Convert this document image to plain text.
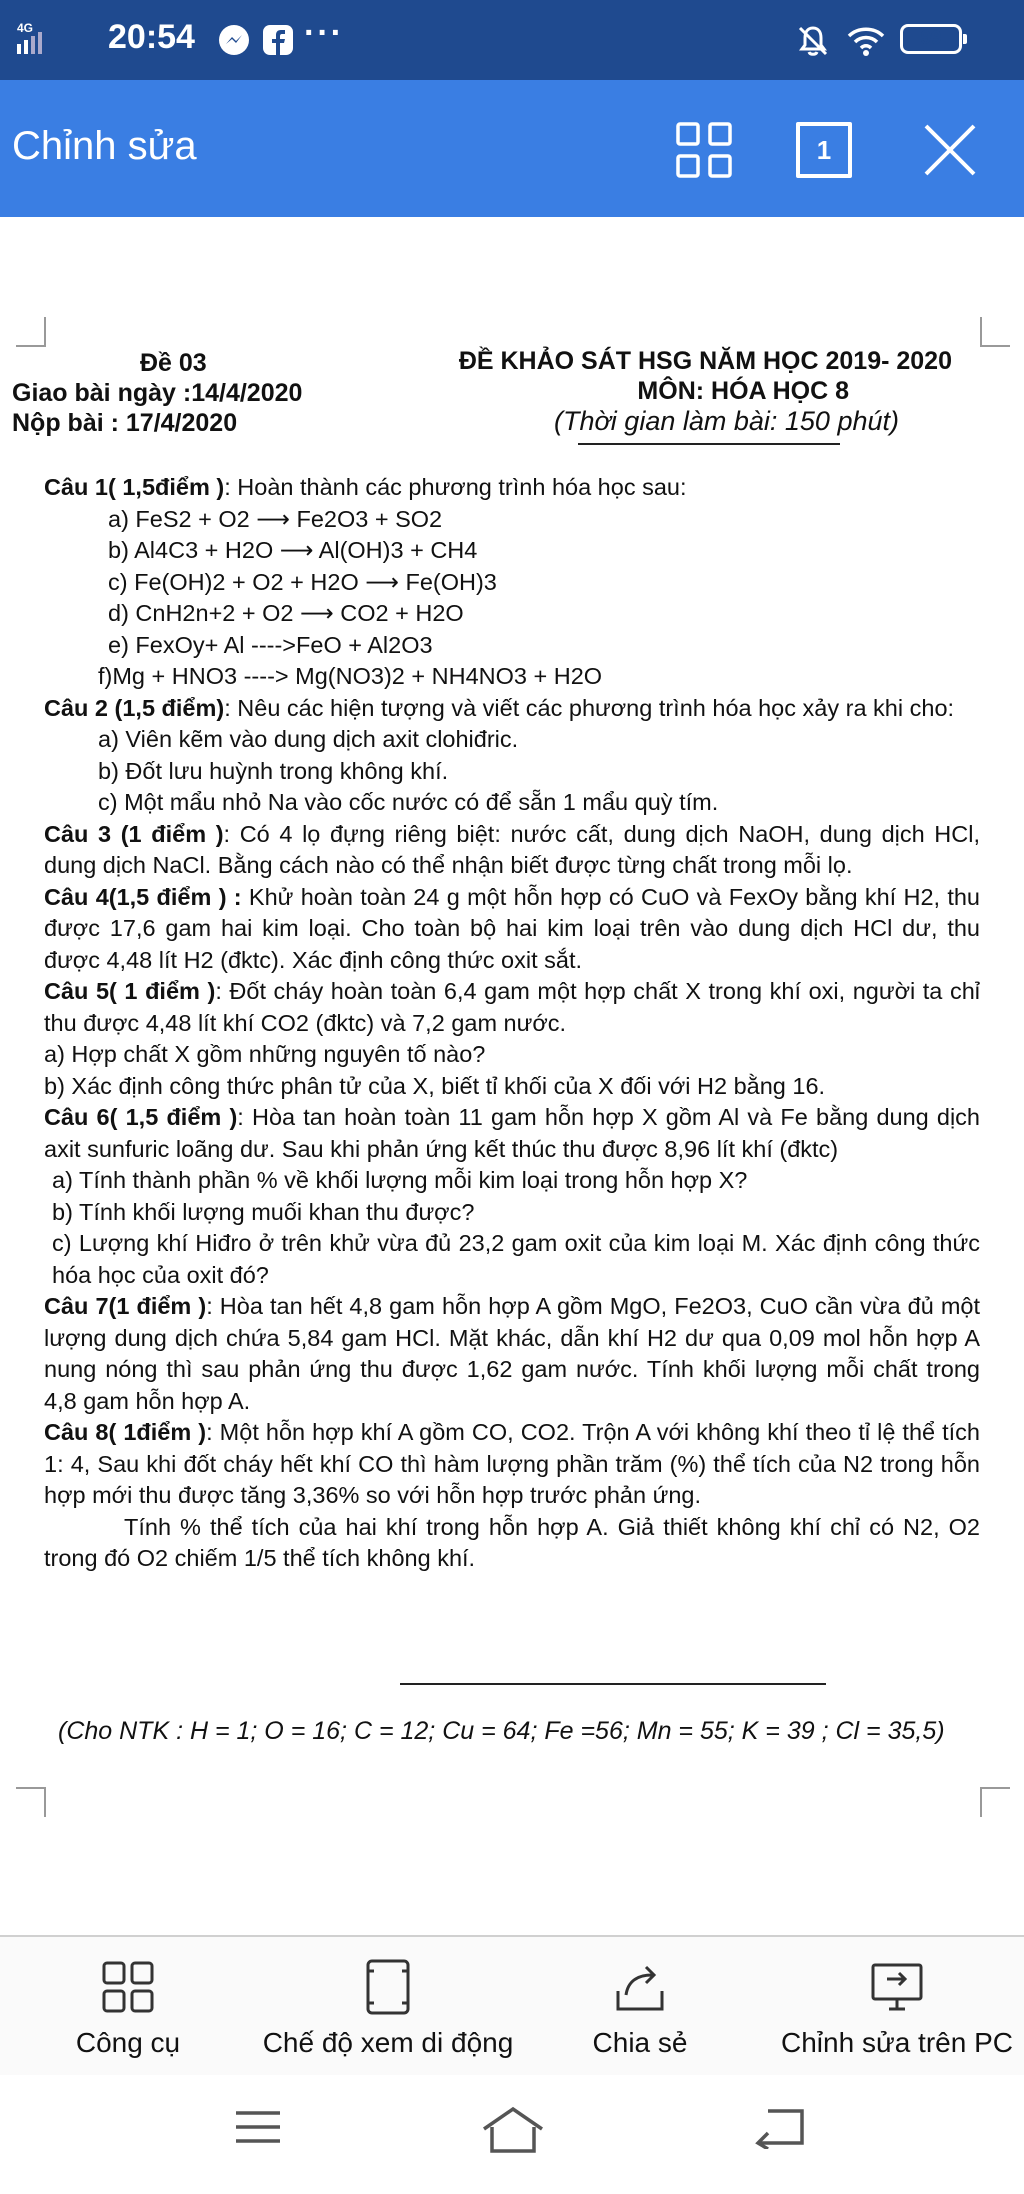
4G 20:54	···	99
Chỉnh sửa	1
Đề 03
Giao bài ngày :14/4/2020
Nộp bài : 17/4/2020
ĐỀ KHẢO SÁT HSG NĂM HỌC 2019- 2020
MÔN: HÓA HỌC 8
(Thời gian làm bài: 150 phút)

Câu 1( 1,5điểm ): Hoàn thành các phương trình hóa học sau:

a) FeS2 + O2 ⟶ Fe2O3 + SO2

b) Al4C3 + H2O ⟶ Al(OH)3 + CH4

c) Fe(OH)2 + O2 + H2O ⟶ Fe(OH)3

d) CnH2n+2 + O2 ⟶ CO2 + H2O

e) FexOy+ Al ---->FeO + Al2O3

f)Mg + HNO3 ----> Mg(NO3)2 + NH4NO3 + H2O

Câu 2 (1,5 điểm): Nêu các hiện tượng và viết các phương trình hóa học xảy ra khi cho:

a) Viên kẽm vào dung dịch axit clohiđric.

b) Đốt lưu huỳnh trong không khí.

c) Một mẩu nhỏ Na vào cốc nước có để sẵn 1 mẩu quỳ tím.

Câu 3 (1 điểm ): Có 4 lọ đựng riêng biệt: nước cất, dung dịch NaOH, dung dịch HCl, dung dịch NaCl. Bằng cách nào có thể nhận biết được từng chất trong mỗi lọ.

Câu 4(1,5 điểm ) : Khử hoàn toàn 24 g một hỗn hợp có CuO và FexOy bằng khí H2, thu được 17,6 gam hai kim loại. Cho toàn bộ hai kim loại trên vào dung dịch HCl dư, thu được 4,48 lít H2 (đktc). Xác định công thức oxit sắt.

Câu 5( 1 điểm ): Đốt cháy hoàn toàn 6,4 gam một hợp chất X trong khí oxi, người ta chỉ thu được 4,48 lít khí CO2 (đktc) và 7,2 gam nước.

a) Hợp chất X gồm những nguyên tố nào?

b) Xác định công thức phân tử của X, biết tỉ khối của X đối với H2 bằng 16.

Câu 6( 1,5 điểm ): Hòa tan hoàn toàn 11 gam hỗn hợp X gồm Al và Fe bằng dung dịch axit sunfuric loãng dư. Sau khi phản ứng kết thúc thu được 8,96 lít khí (đktc)

a) Tính thành phần % về khối lượng mỗi kim loại trong hỗn hợp X?

b) Tính khối lượng muối khan thu được?

c) Lượng khí Hiđro ở trên khử vừa đủ 23,2 gam oxit của kim loại M. Xác định công thức hóa học của oxit đó?

Câu 7(1 điểm ): Hòa tan hết 4,8 gam hỗn hợp A gồm MgO, Fe2O3, CuO cần vừa đủ một lượng dung dịch chứa 5,84 gam HCl. Mặt khác, dẫn khí H2 dư qua 0,09 mol hỗn hợp A nung nóng thì sau phản ứng thu được 1,62 gam nước. Tính khối lượng mỗi chất trong 4,8 gam hỗn hợp A.

Câu 8( 1điểm ): Một hỗn hợp khí A gồm CO, CO2. Trộn A với không khí theo tỉ lệ thể tích 1: 4, Sau khi đốt cháy hết khí CO thì hàm lượng phần trăm (%) thể tích của N2 trong hỗn hợp mới thu được tăng 3,36% so với hỗn hợp trước phản ứng.

Tính % thể tích của hai khí trong hỗn hợp A. Giả thiết không khí chỉ có N2, O2 trong đó O2 chiếm 1/5 thể tích không khí.

(Cho NTK : H = 1; O = 16; C = 12; Cu = 64; Fe =56; Mn = 55; K = 39 ; Cl = 35,5)
Công cụ	Chế độ xem di động	Chia sẻ	Chỉnh sửa trên PC
